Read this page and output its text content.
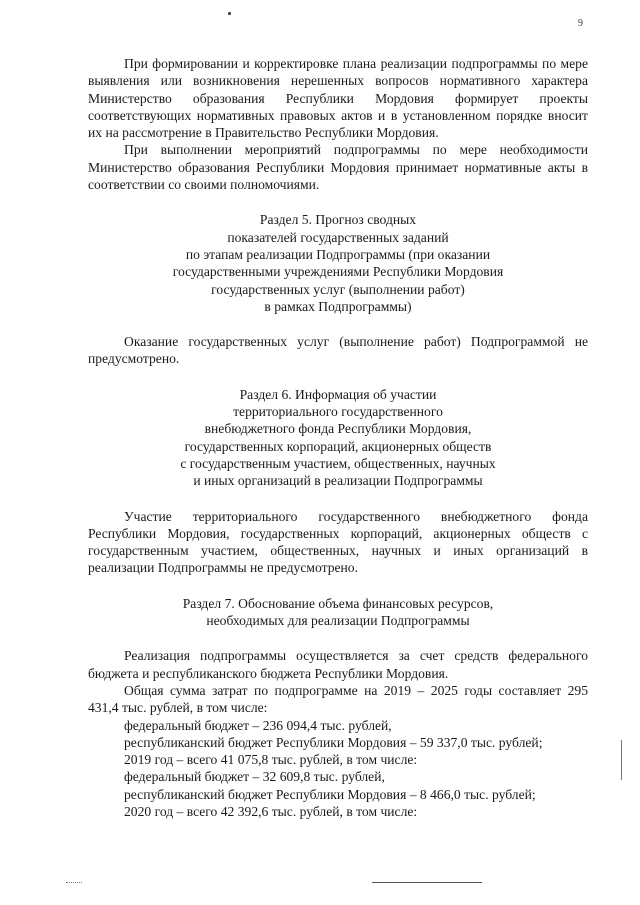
9

При формировании и корректировке плана реализации подпрограммы по мере выявления или возникновения нерешенных вопросов нормативного характера Министерство образования Республики Мордовия формирует проекты соответствующих нормативных правовых актов и в установленном порядке вносит их на рассмотрение в Правительство Республики Мордовия.

При выполнении мероприятий подпрограммы по мере необходимости Министерство образования Республики Мордовия принимает нормативные акты в соответствии со своими полномочиями.

Раздел 5. Прогноз сводных

показателей государственных заданий

по этапам реализации Подпрограммы (при оказании

государственными учреждениями Республики Мордовия

государственных услуг (выполнении работ)

в рамках Подпрограммы)

Оказание государственных услуг (выполнение работ) Подпрограммой не предусмотрено.

Раздел 6. Информация об участии

территориального государственного

внебюджетного фонда Республики Мордовия,

государственных корпораций, акционерных обществ

с государственным участием, общественных, научных

и иных организаций в реализации Подпрограммы

Участие территориального государственного внебюджетного фонда Республики Мордовия, государственных корпораций, акционерных обществ с государственным участием, общественных, научных и иных организаций в реализации Подпрограммы не предусмотрено.

Раздел 7. Обоснование объема финансовых ресурсов,

необходимых для реализации Подпрограммы

Реализация подпрограммы осуществляется за счет средств федерального бюджета и республиканского бюджета Республики Мордовия.

Общая сумма затрат по подпрограмме на 2019 – 2025 годы составляет 295 431,4 тыс. рублей, в том числе:

федеральный бюджет – 236 094,4 тыс. рублей,

республиканский бюджет Республики Мордовия – 59 337,0 тыс. рублей;

2019 год – всего 41 075,8 тыс. рублей, в том числе:

федеральный бюджет – 32 609,8 тыс. рублей,

республиканский бюджет Республики Мордовия – 8 466,0 тыс. рублей;

2020 год – всего 42 392,6 тыс. рублей, в том числе:
